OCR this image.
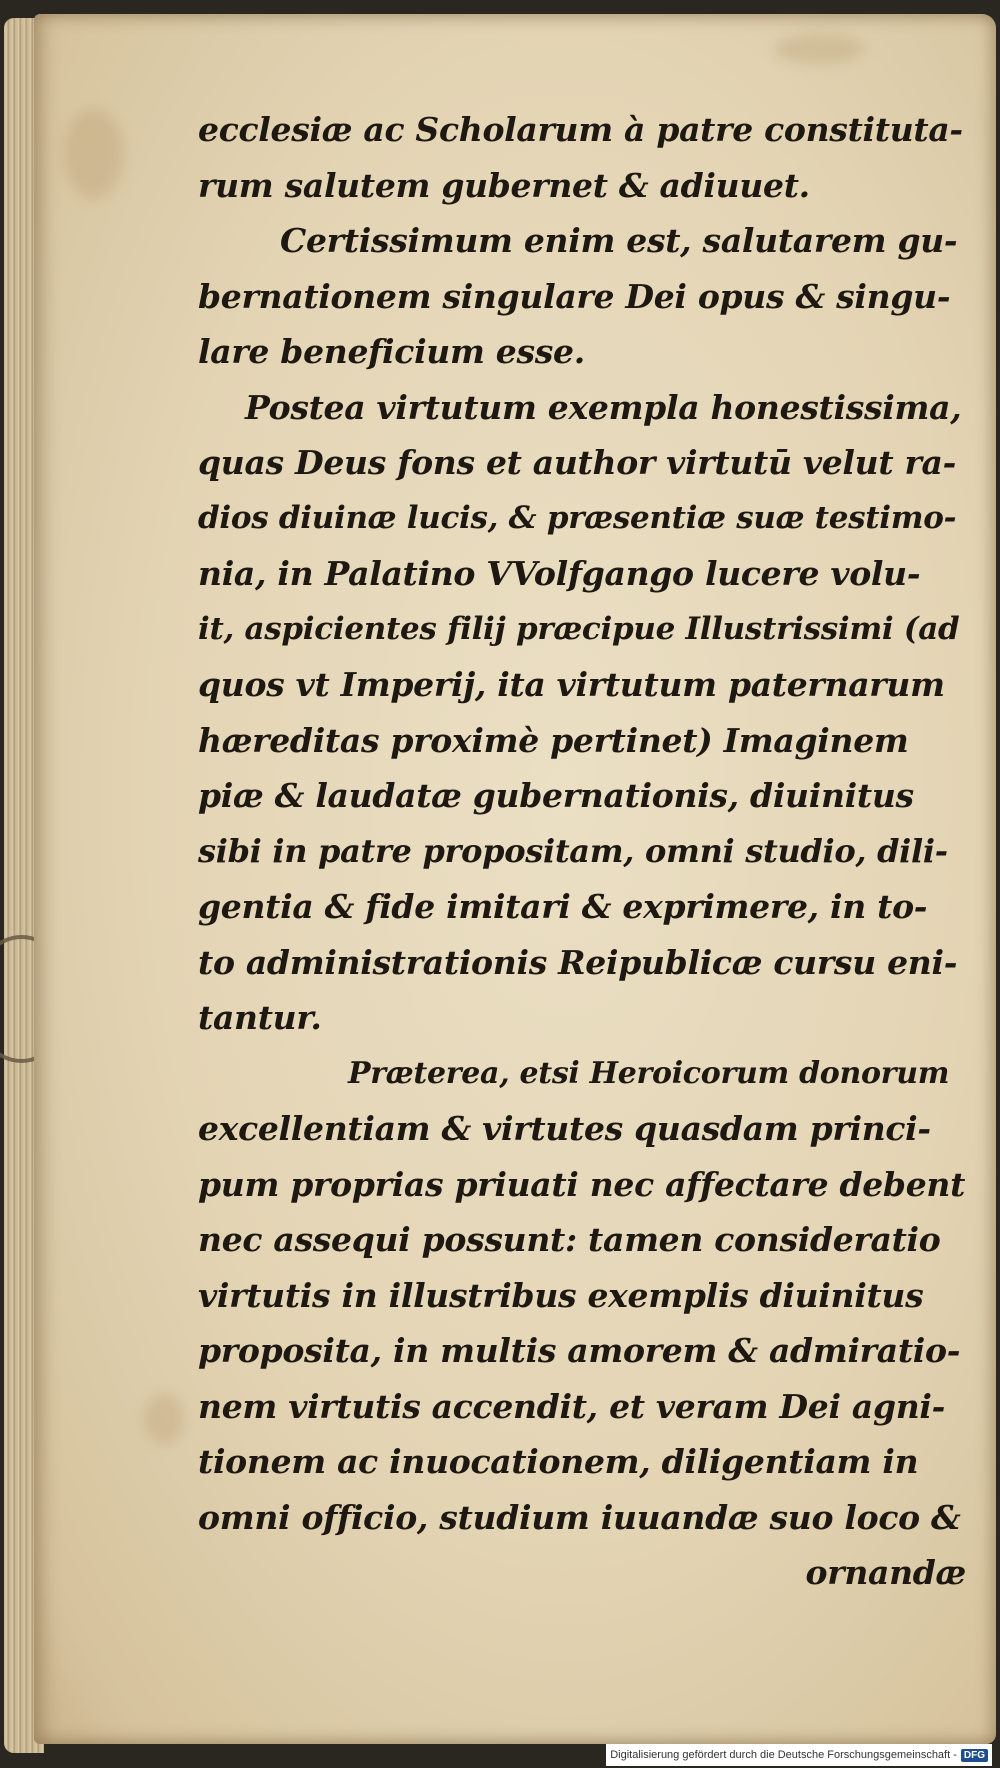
ecclesiæ ac Scholarum à patre constituta-
rum salutem gubernet & adiuuet.
Certissimum enim est, salutarem gu-
bernationem singulare Dei opus & singu-
lare beneficium esse.
Postea virtutum exempla honestissima,
quas Deus fons et author virtutū velut ra-
dios diuinæ lucis, & præsentiæ suæ testimo-
nia, in Palatino VVolfgango lucere volu-
it, aspicientes filij præcipue Illustrissimi (ad
quos vt Imperij, ita virtutum paternarum
hæreditas proximè pertinet) Imaginem
piæ & laudatæ gubernationis, diuinitus
sibi in patre propositam, omni studio, dili-
gentia & fide imitari & exprimere, in to-
to administrationis Reipublicæ cursu eni-
tantur.
Præterea, etsi Heroicorum donorum
excellentiam & virtutes quasdam princi-
pum proprias priuati nec affectare debent
nec assequi possunt: tamen consideratio
virtutis in illustribus exemplis diuinitus
proposita, in multis amorem & admiratio-
nem virtutis accendit, et veram Dei agni-
tionem ac inuocationem, diligentiam in
omni officio, studium iuuandæ suo loco &
ornandæ
Digitalisierung gefördert durch die Deutsche Forschungsgemeinschaft - DFG
